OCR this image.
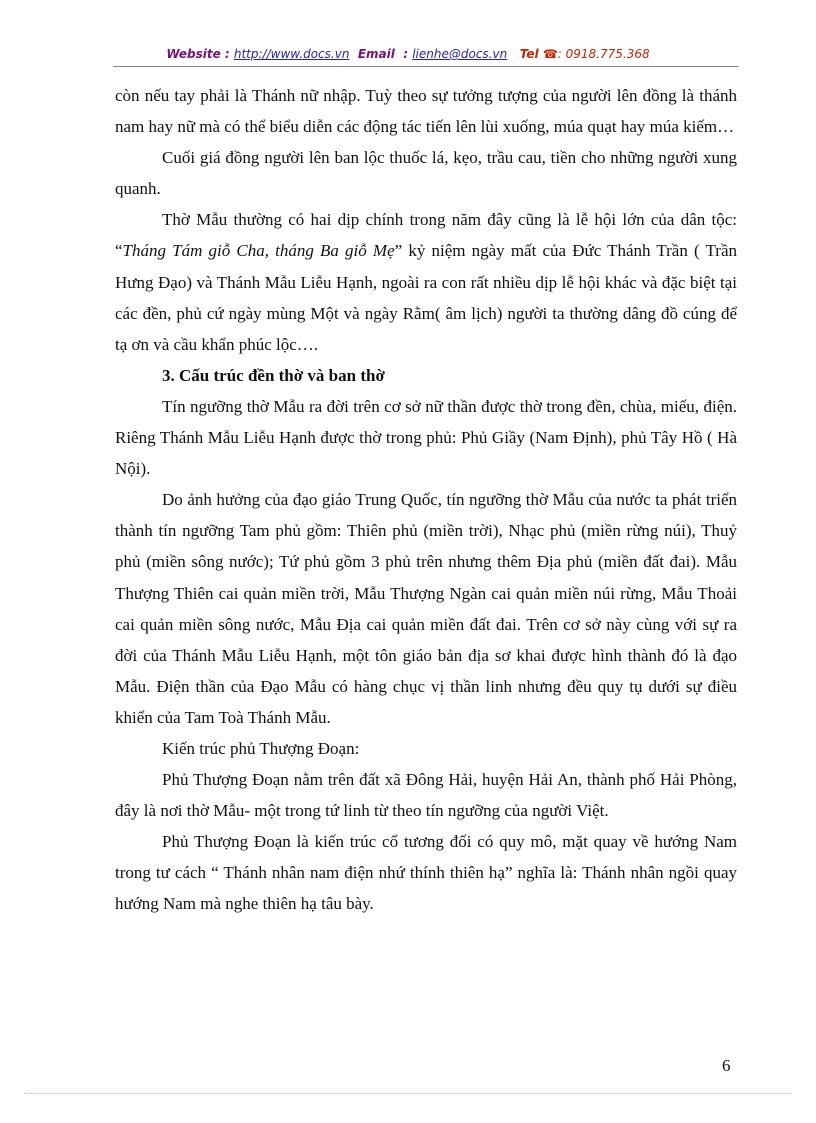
Website : http://www.docs.vn Email : lienhe@docs.vn Tel ☎: 0918.775.368

còn nếu tay phải là Thánh nữ nhập. Tuỳ theo sự tưởng tượng của người lên đồng là thánh nam hay nữ mà có thể biểu diễn các động tác tiến lên lùi xuống, múa quạt hay múa kiếm…

Cuối giá đồng người lên ban lộc thuốc lá, kẹo, trầu cau, tiền cho những người xung quanh.

Thờ Mẫu thường có hai dịp chính trong năm đây cũng là lễ hội lớn của dân tộc: “Tháng Tám giỗ Cha, tháng Ba giỗ Mẹ” kỷ niệm ngày mất của Đức Thánh Trần ( Trần Hưng Đạo) và Thánh Mẫu Liễu Hạnh, ngoài ra con rất nhiều dịp lễ hội khác và đặc biệt tại các đền, phủ cứ ngày mùng Một và ngày Rằm( âm lịch) người ta thường dâng đồ cúng để tạ ơn và cầu khẩn phúc lộc….

3. Cấu trúc đền thờ và ban thờ

Tín ngưỡng thờ Mẫu ra đời trên cơ sở nữ thần được thờ trong đền, chùa, miếu, điện. Riêng Thánh Mẫu Liễu Hạnh được thờ trong phủ: Phủ Giầy (Nam Định), phủ Tây Hồ ( Hà Nội).

Do ảnh hưởng của đạo giáo Trung Quốc, tín ngưỡng thờ Mẫu của nước ta phát triển thành tín ngưỡng Tam phủ gồm: Thiên phủ (miền trời), Nhạc phủ (miền rừng núi), Thuỷ phủ (miền sông nước); Tứ phủ gồm 3 phủ trên nhưng thêm Địa phủ (miền đất đai). Mẫu Thượng Thiên cai quản miền trời, Mẫu Thượng Ngàn cai quản miền núi rừng, Mẫu Thoải cai quản miền sông nước, Mẫu Địa cai quản miền đất đai. Trên cơ sở này cùng với sự ra đời của Thánh Mẫu Liễu Hạnh, một tôn giáo bản địa sơ khai được hình thành đó là đạo Mẫu. Điện thần của Đạo Mẫu có hàng chục vị thần linh nhưng đều quy tụ dưới sự điều khiển của Tam Toà Thánh Mẫu.

Kiến trúc phủ Thượng Đoạn:

Phủ Thượng Đoạn nằm trên đất xã Đông Hải, huyện Hải An, thành phố Hải Phòng, đây là nơi thờ Mẫu- một trong tứ linh từ theo tín ngưỡng của người Việt.

Phủ Thượng Đoạn là kiến trúc cổ tương đối có quy mô, mặt quay về hướng Nam trong tư cách “ Thánh nhân nam điện nhứ thính thiên hạ” nghĩa là: Thánh nhân ngồi quay hướng Nam mà nghe thiên hạ tâu bày.

6
